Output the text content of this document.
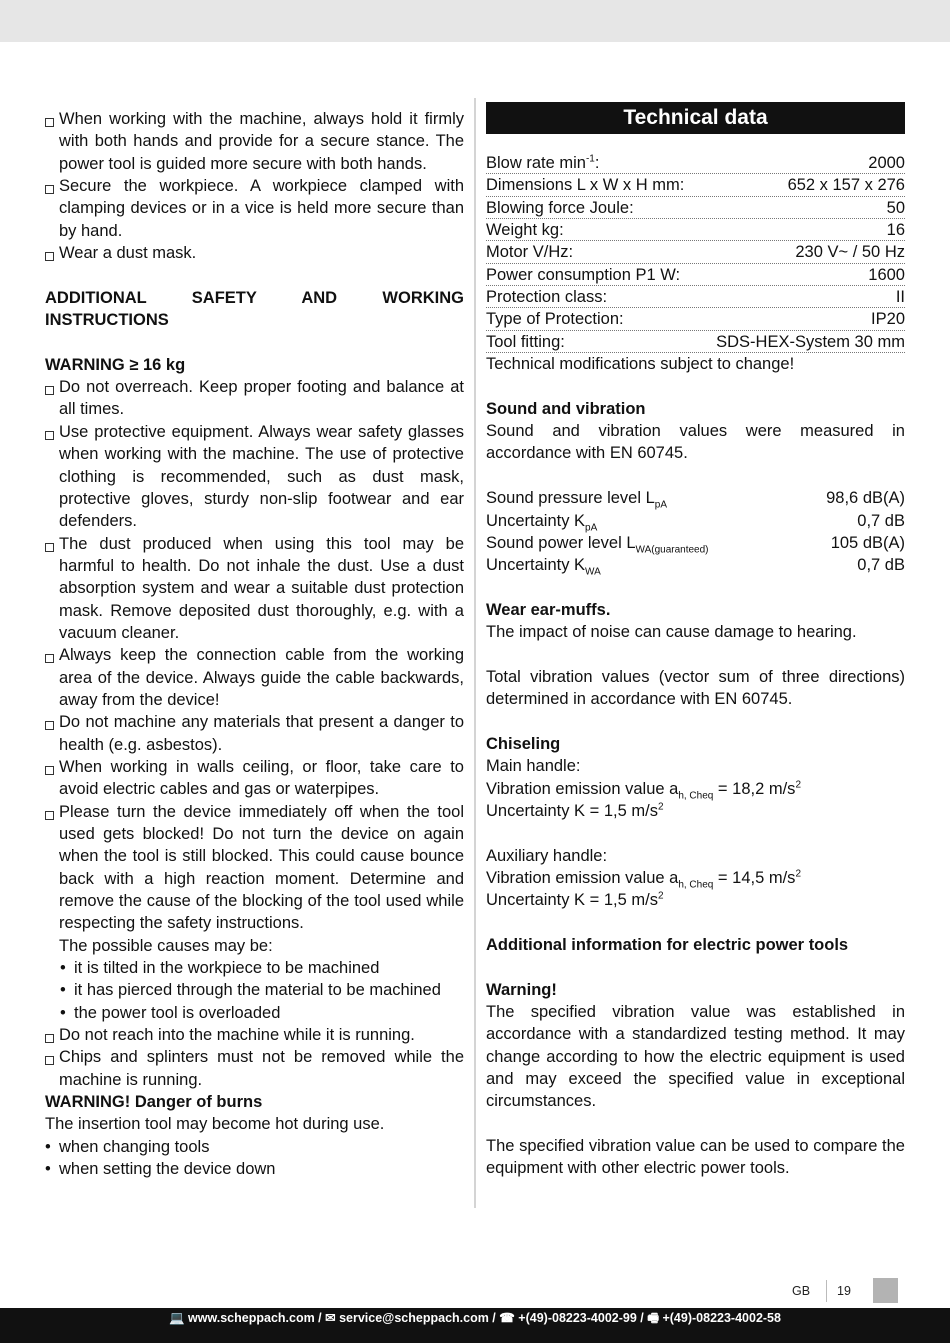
When working with the machine, always hold it firmly with both hands and provide for a secure stance. The power tool is guided more secure with both hands.
Secure the workpiece. A workpiece clamped with clamping devices or in a vice is held more secure than by hand.
Wear a dust mask.
ADDITIONAL SAFETY AND WORKING INSTRUCTIONS
WARNING ≥ 16 kg
Do not overreach. Keep proper footing and balance at all times.
Use protective equipment. Always wear safety glasses when working with the machine. The use of protective clothing is recommended, such as dust mask, protective gloves, sturdy non-slip footwear and ear defenders.
The dust produced when using this tool may be harmful to health. Do not inhale the dust. Use a dust absorption system and wear a suitable dust protection mask. Remove deposited dust thoroughly, e.g. with a vacuum cleaner.
Always keep the connection cable from the working area of the device. Always guide the cable backwards, away from the device!
Do not machine any materials that present a danger to health (e.g. asbestos).
When working in walls ceiling, or floor, take care to avoid electric cables and gas or waterpipes.
Please turn the device immediately off when the tool used gets blocked! Do not turn the device on again when the tool is still blocked. This could cause bounce back with a high reaction moment. Determine and remove the cause of the blocking of the tool used while respecting the safety instructions.
The possible causes may be:
• it is tilted in the workpiece to be machined
• it has pierced through the material to be machined
• the power tool is overloaded
Do not reach into the machine while it is running.
Chips and splinters must not be removed while the machine is running.
WARNING! Danger of burns
The insertion tool may become hot during use.
• when changing tools
• when setting the device down
Technical data
Blow rate $\min^{-1}$:	2000
Dimensions L x W x H mm:	652 x 157 x 276
Blowing force Joule:	50
Weight kg:	16
Motor V/Hz:	230 V~ / 50 Hz
Power consumption P1 W:	1600
Protection class:	II
Type of Protection:	IP20
Tool fitting:	SDS-HEX-System 30 mm
Technical modifications subject to change!
Sound and vibration
Sound and vibration values were measured in accordance with EN 60745.
Sound pressure level $L_{pA}$	98,6 dB(A)
Uncertainty $K_{pA}$	0,7 dB
Sound power level $L_{WA(guaranteed)}$	105 dB(A)
Uncertainty $K_{WA}$	0,7 dB
Wear ear-muffs.
The impact of noise can cause damage to hearing.
Total vibration values (vector sum of three directions) determined in accordance with EN 60745.
Chiseling
Main handle:
Vibration emission value $a_{h, Cheq} = 18,2$ $m/s^2$
Uncertainty K = 1,5 $m/s^2$
Auxiliary handle:
Vibration emission value $a_{h, Cheq} = 14,5$ $m/s^2$
Uncertainty K = 1,5 $m/s^2$
Additional information for electric power tools
Warning!
The specified vibration value was established in accordance with a standardized testing method. It may change according to how the electric equipment is used and may exceed the specified value in exceptional circumstances.
The specified vibration value can be used to compare the equipment with other electric power tools.
GB 19
💻 www.scheppach.com / ✉ service@scheppach.com / ☎ +(49)-08223-4002-99 / 🖷 +(49)-08223-4002-58
